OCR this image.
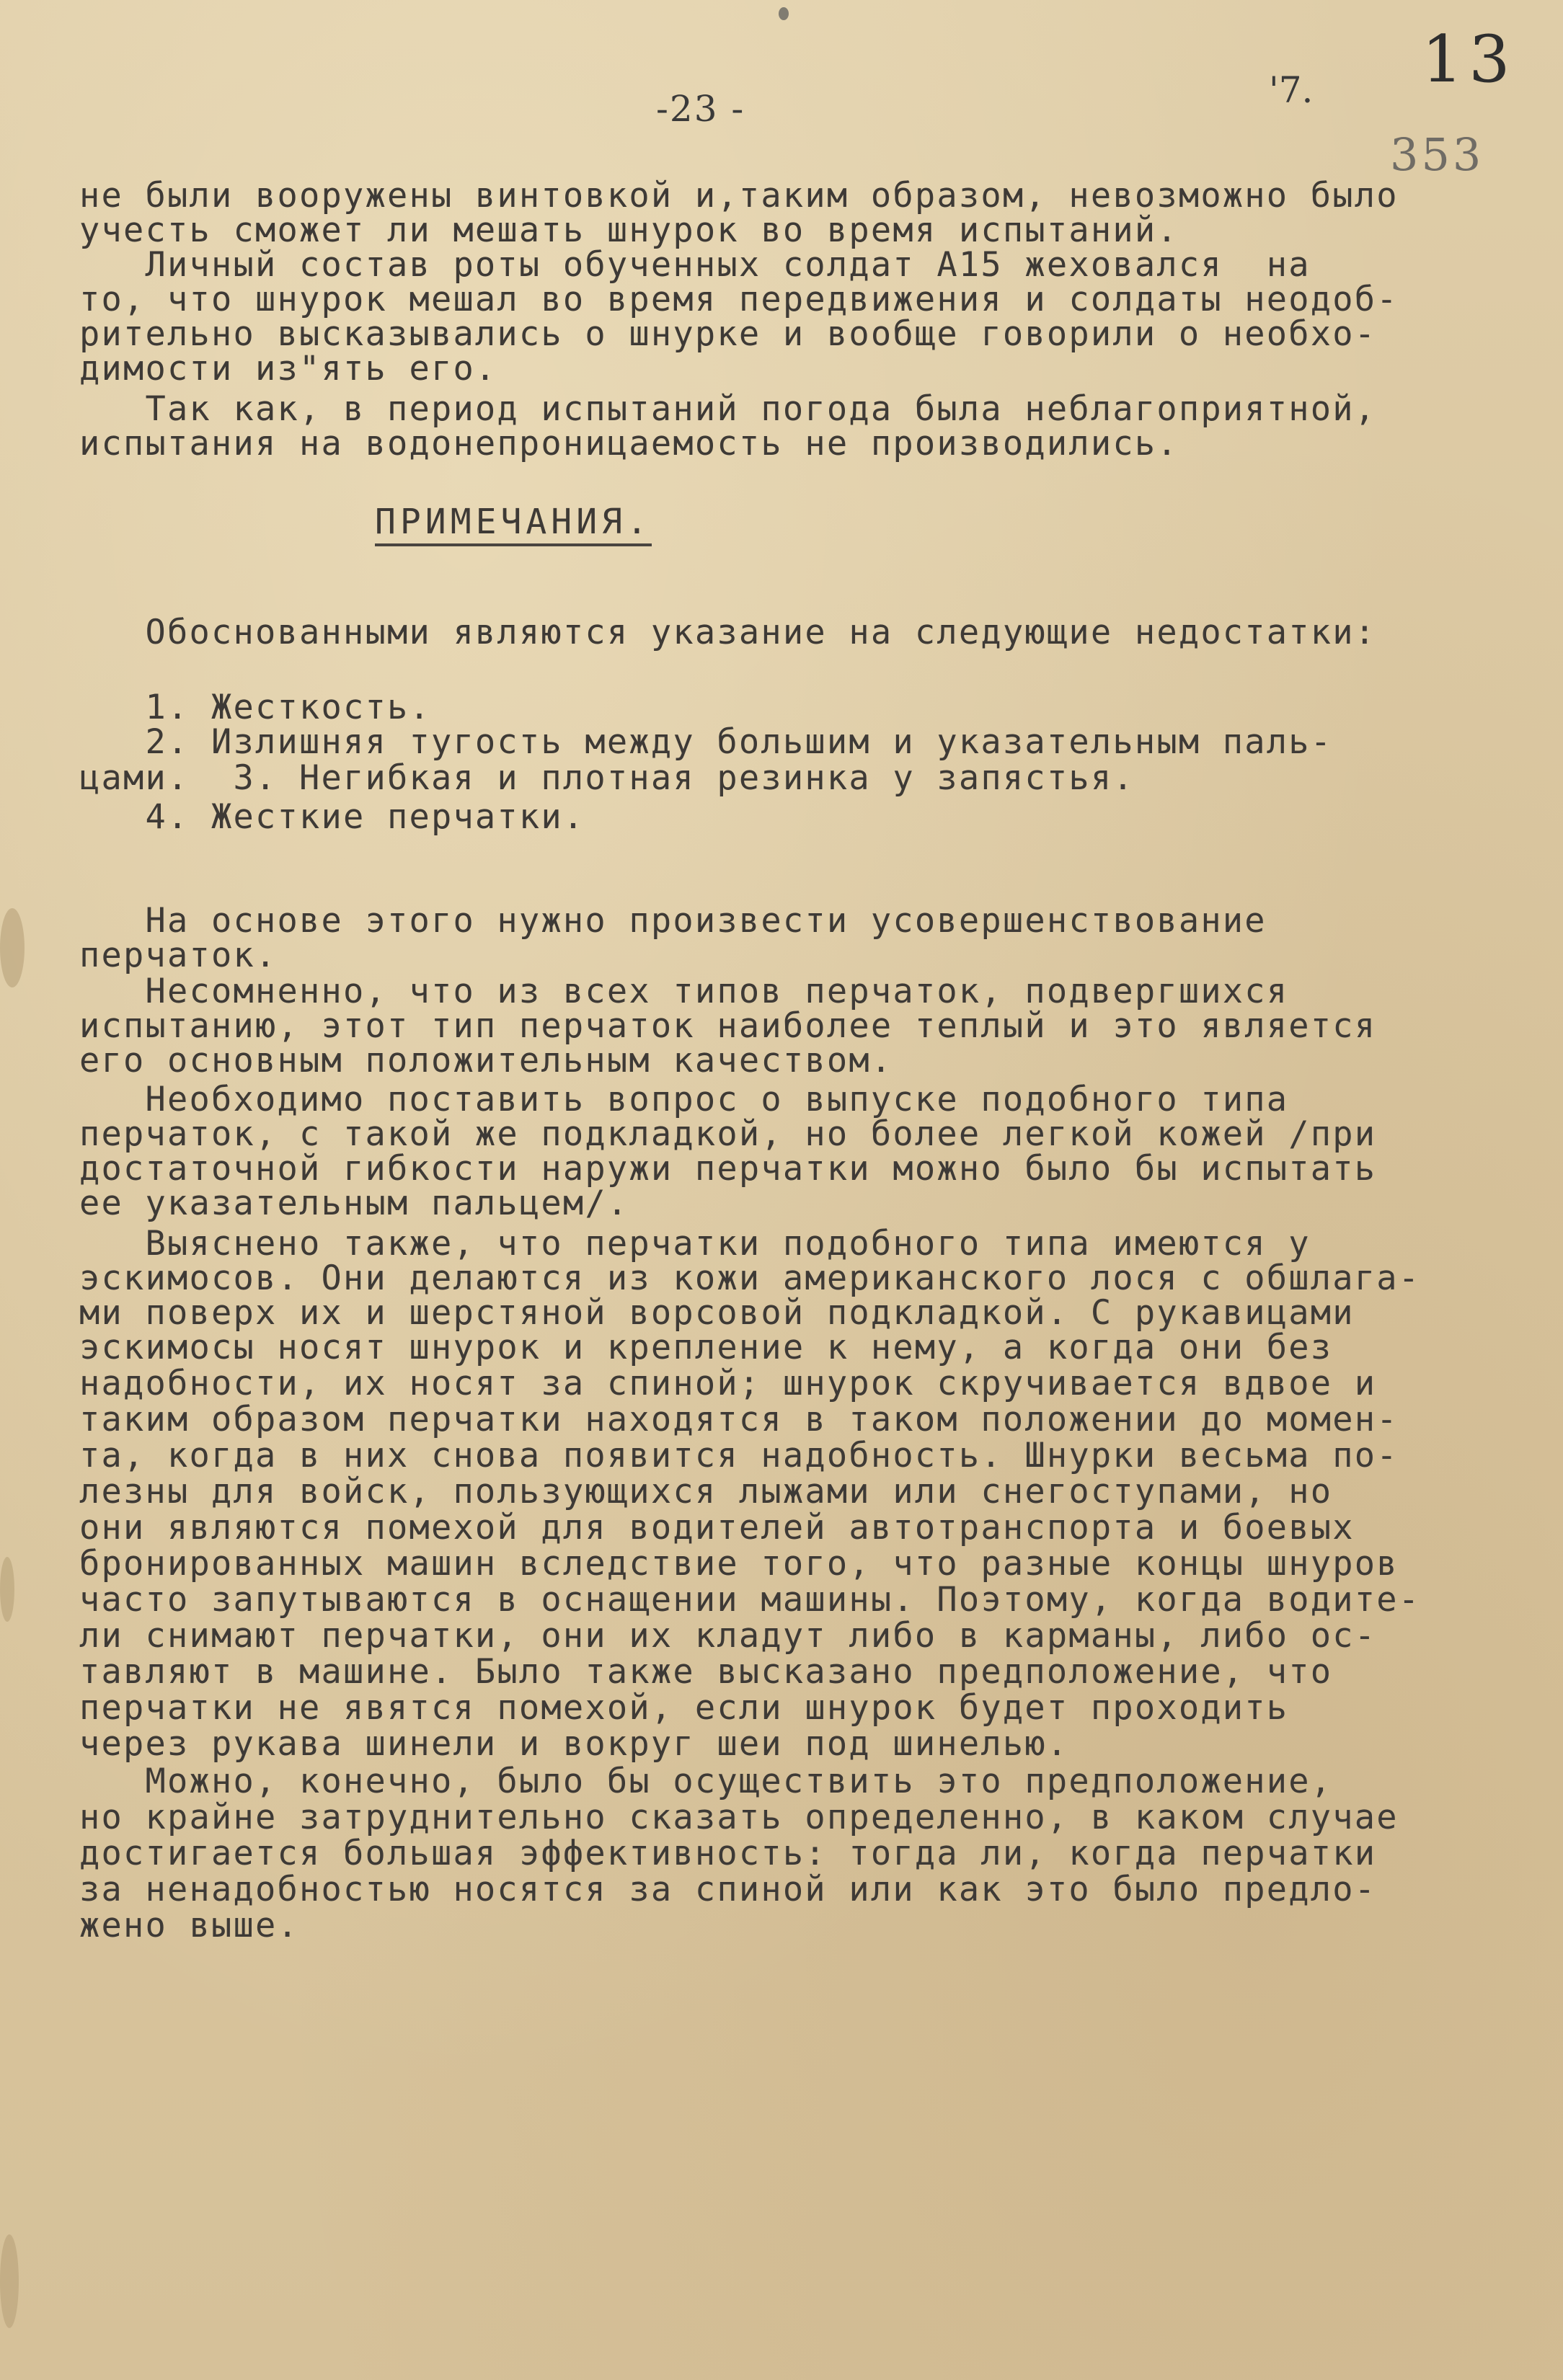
-23 -
13
'7.
353
не были вооружены винтовкой и,таким образом, невозможно было
учесть сможет ли мешать шнурок во время испытаний.
Личный состав роты обученных солдат А15 жеховался  на
то, что шнурок мешал во время передвижения и солдаты неодоб-
рительно высказывались о шнурке и вообще говорили о необхо-
димости из"ять его.
Так как, в период испытаний погода была неблагоприятной,
испытания на водонепроницаемость не производились.
ПРИМЕЧАНИЯ.
Обоснованными являются указание на следующие недостатки:
1. Жесткость.
2. Излишняя тугость между большим и указательным паль-
цами.  3. Негибкая и плотная резинка у запястья.
4. Жесткие перчатки.
На основе этого нужно произвести усовершенствование
перчаток.
Несомненно, что из всех типов перчаток, подвергшихся
испытанию, этот тип перчаток наиболее теплый и это является
его основным положительным качеством.
Необходимо поставить вопрос о выпуске подобного типа
перчаток, с такой же подкладкой, но более легкой кожей /при
достаточной гибкости наружи перчатки можно было бы испытать
ее указательным пальцем/.
Выяснено также, что перчатки подобного типа имеются у
эскимосов. Они делаются из кожи американского лося с обшлага-
ми поверх их и шерстяной ворсовой подкладкой. С рукавицами
эскимосы носят шнурок и крепление к нему, а когда они без
надобности, их носят за спиной; шнурок скручивается вдвое и
таким образом перчатки находятся в таком положении до момен-
та, когда в них снова появится надобность. Шнурки весьма по-
лезны для войск, пользующихся лыжами или снегоступами, но
они являются помехой для водителей автотранспорта и боевых
бронированных машин вследствие того, что разные концы шнуров
часто запутываются в оснащении машины. Поэтому, когда водите-
ли снимают перчатки, они их кладут либо в карманы, либо ос-
тавляют в машине. Было также высказано предположение, что
перчатки не явятся помехой, если шнурок будет проходить
через рукава шинели и вокруг шеи под шинелью.
Можно, конечно, было бы осуществить это предположение,
но крайне затруднительно сказать определенно, в каком случае
достигается большая эффективность: тогда ли, когда перчатки
за ненадобностью носятся за спиной или как это было предло-
жено выше.
